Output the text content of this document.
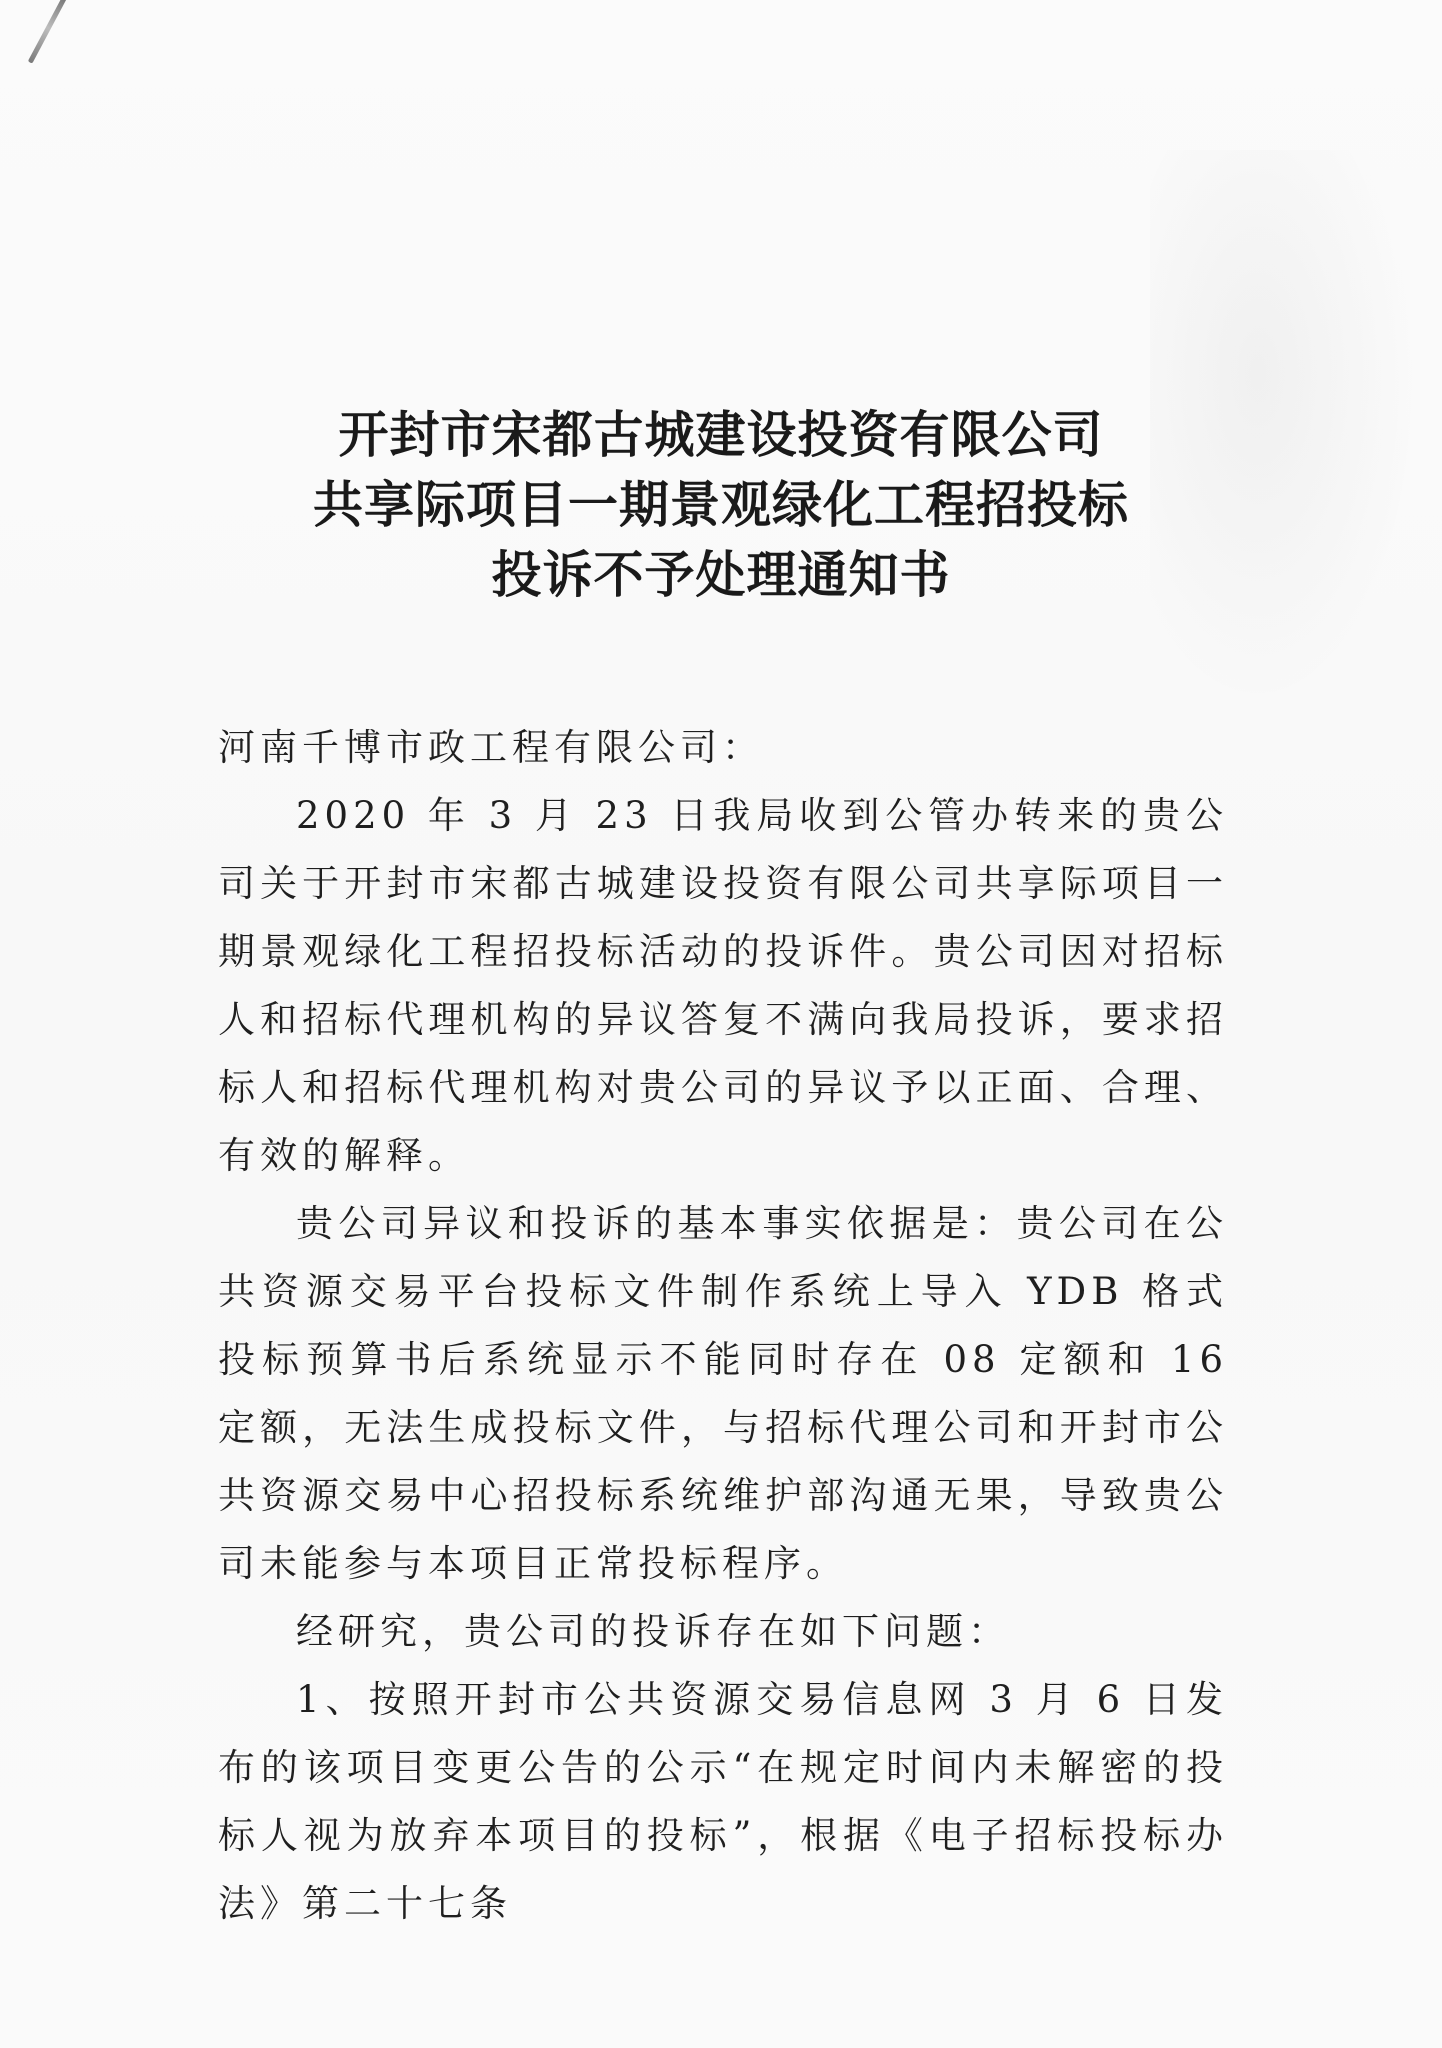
开封市宋都古城建设投资有限公司
共享际项目一期景观绿化工程招投标
投诉不予处理通知书

河南千博市政工程有限公司：

2020 年 3 月 23 日我局收到公管办转来的贵公司关于开封市宋都古城建设投资有限公司共享际项目一期景观绿化工程招投标活动的投诉件。贵公司因对招标人和招标代理机构的异议答复不满向我局投诉，要求招标人和招标代理机构对贵公司的异议予以正面、合理、有效的解释。

贵公司异议和投诉的基本事实依据是：贵公司在公共资源交易平台投标文件制作系统上导入 YDB 格式投标预算书后系统显示不能同时存在 08 定额和 16 定额，无法生成投标文件，与招标代理公司和开封市公共资源交易中心招投标系统维护部沟通无果，导致贵公司未能参与本项目正常投标程序。

经研究，贵公司的投诉存在如下问题：

1、按照开封市公共资源交易信息网 3 月 6 日发布的该项目变更公告的公示“在规定时间内未解密的投标人视为放弃本项目的投标”，根据《电子招标投标办法》第二十七条
